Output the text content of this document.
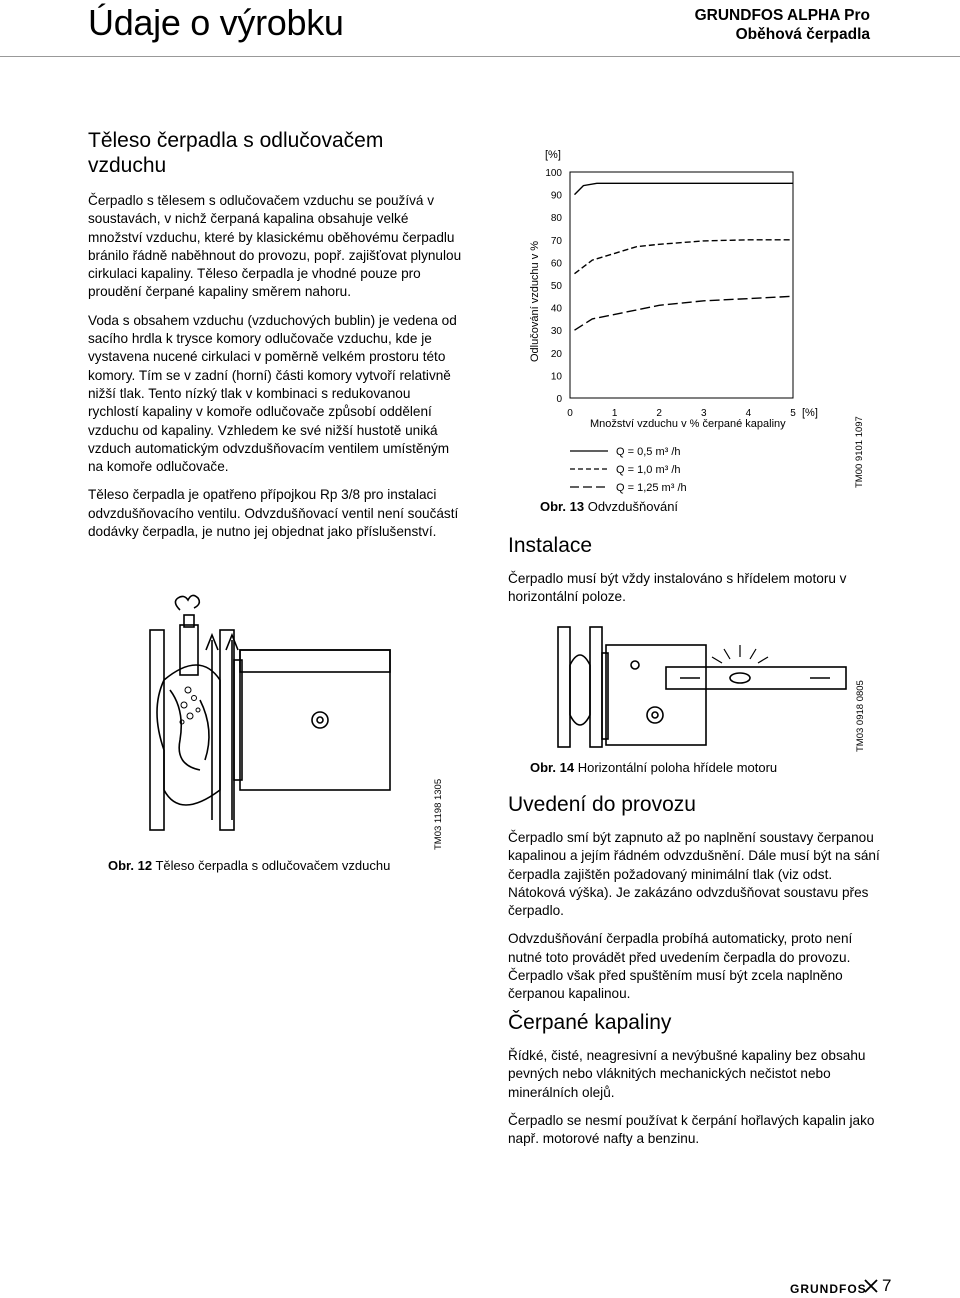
Údaje o výrobku	GRUNDFOS ALPHA Pro
Oběhová čerpadla
Těleso čerpadla s odlučovačem vzduchu

Čerpadlo s tělesem s odlučovačem vzduchu se používá v soustavách, v nichž čerpaná kapalina obsahuje velké množství vzduchu, které by klasickému oběhovému čerpadlu bránilo řádně naběhnout do provozu, popř. zajišťovat plynulou cirkulaci kapaliny. Těleso čerpadla je vhodné pouze pro proudění čerpané kapaliny směrem nahoru.

Voda s obsahem vzduchu (vzduchových bublin) je vedena od sacího hrdla k trysce komory odlučovače vzduchu, kde je vystavena nucené cirkulaci v poměrně velkém prostoru této komory. Tím se v zadní (horní) části komory vytvoří relativně nižší tlak. Tento nízký tlak v kombinaci s redukovanou rychlostí kapaliny v komoře odlučovače způsobí oddělení vzduchu od kapaliny. Vzhledem ke své nižší hustotě uniká vzduch automatickým odvzdušňovacím ventilem umístěným na komoře odlučovače.

Těleso čerpadla je opatřeno přípojkou Rp 3/8 pro instalaci odvzdušňovacího ventilu. Odvzdušňovací ventil není součástí dodávky čerpadla, je nutno jej objednat jako příslušenství.

Obr. 12 Těleso čerpadla s odlučovačem vzduchu
TM03 1198 1305
[%]
Odlučování vzduchu v %
[%]
Množství vzduchu v % čerpané kapaliny
0
10
20
30
40
50
60
70
80
90
100
0	1	2	3	4	5
Q = 0,5 m³ /h
Q = 1,0 m³ /h
Q = 1,25 m³ /h
Obr. 13 Odvzdušňování
TM00 9101 1097
Instalace

Čerpadlo musí být vždy instalováno s hřídelem motoru v horizontální poloze.

Obr. 14 Horizontální poloha hřídele motoru
TM03 0918 0805
Uvedení do provozu

Čerpadlo smí být zapnuto až po naplnění soustavy čerpanou kapalinou a jejím řádném odvzdušnění. Dále musí být na sání čerpadla zajištěn požadovaný minimální tlak (viz odst. Nátoková výška). Je zakázáno odvzdušňovat soustavu přes čerpadlo.

Odvzdušňování čerpadla probíhá automaticky, proto není nutné toto provádět před uvedením čerpadla do provozu. Čerpadlo však před spuštěním musí být zcela naplněno čerpanou kapalinou.

Čerpané kapaliny

Řídké, čisté, neagresivní a nevýbušné kapaliny bez obsahu pevných nebo vláknitých mechanických nečistot nebo minerálních olejů.

Čerpadlo se nesmí používat k čerpání hořlavých kapalin jako např. motorové nafty a benzinu.

GRUNDFOS 7
